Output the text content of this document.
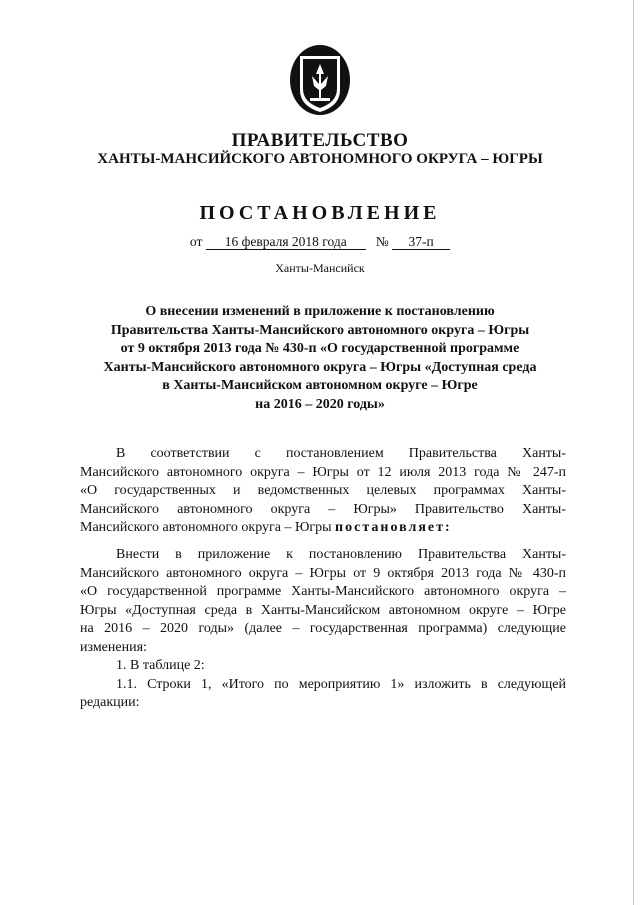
ПРАВИТЕЛЬСТВО
ХАНТЫ-МАНСИЙСКОГО АВТОНОМНОГО ОКРУГА – ЮГРЫ
ПОСТАНОВЛЕНИЕ
от 16 февраля 2018 года № 37-п
Ханты-Мансийск
О внесении изменений в приложение к постановлению
Правительства Ханты-Мансийского автономного округа – Югры
от 9 октября 2013 года № 430-п «О государственной программе
Ханты-Мансийского автономного округа – Югры «Доступная среда
в Ханты-Мансийском автономном округе – Югре
на 2016 – 2020 годы»
В соответствии с постановлением Правительства Ханты-
Мансийского автономного округа – Югры от 12 июля 2013 года № 247-п
«О государственных и ведомственных целевых программах Ханты-
Мансийского автономного округа – Югры» Правительство Ханты-
Мансийского автономного округа – Югры постановляет:
Внести в приложение к постановлению Правительства Ханты-
Мансийского автономного округа – Югры от 9 октября 2013 года № 430-п
«О государственной программе Ханты-Мансийского автономного округа –
Югры «Доступная среда в Ханты-Мансийском автономном округе – Югре
на 2016 – 2020 годы» (далее – государственная программа) следующие
изменения:
1. В таблице 2:
1.1. Строки 1, «Итого по мероприятию 1» изложить в следующей
редакции:
